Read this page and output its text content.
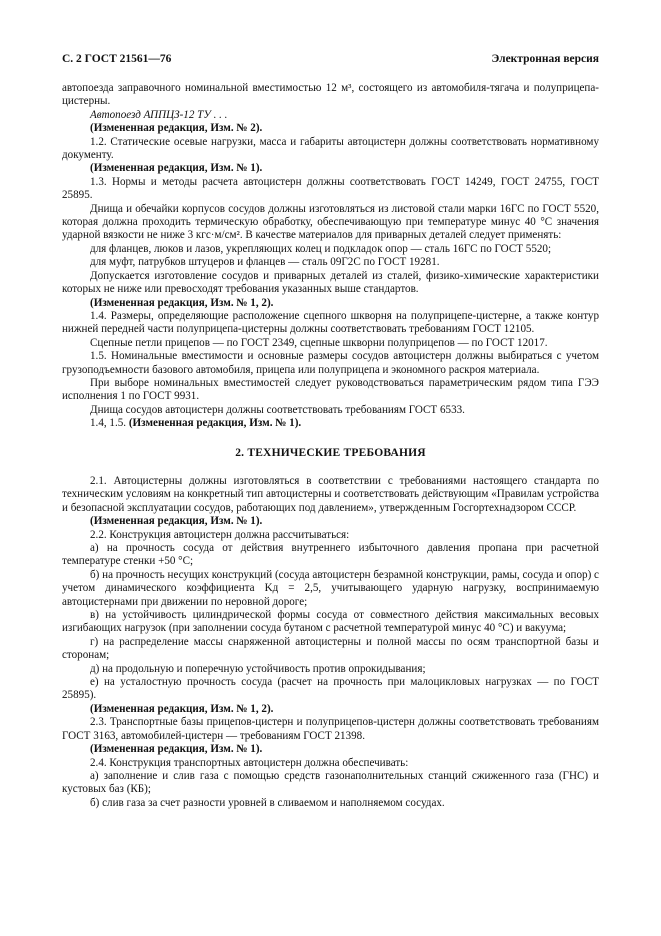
С. 2 ГОСТ 21561—76	Электронная версия

автопоезда заправочного номинальной вместимостью 12 м³, состоящего из автомобиля-тягача и полуприцепа-цистерны.

Автопоезд АППЦЗ-12 ТУ . . .

(Измененная редакция, Изм. № 2).

1.2. Статические осевые нагрузки, масса и габариты автоцистерн должны соответствовать нормативному документу.

(Измененная редакция, Изм. № 1).

1.3. Нормы и методы расчета автоцистерн должны соответствовать ГОСТ 14249, ГОСТ 24755, ГОСТ 25895.

Днища и обечайки корпусов сосудов должны изготовляться из листовой стали марки 16ГС по ГОСТ 5520, которая должна проходить термическую обработку, обеспечивающую при температуре минус 40 °С значения ударной вязкости не ниже 3 кгс·м/см². В качестве материалов для приварных деталей следует применять:

для фланцев, люков и лазов, укрепляющих колец и подкладок опор — сталь 16ГС по ГОСТ 5520;

для муфт, патрубков штуцеров и фланцев — сталь 09Г2С по ГОСТ 19281.

Допускается изготовление сосудов и приварных деталей из сталей, физико-химические характеристики которых не ниже или превосходят требования указанных выше стандартов.

(Измененная редакция, Изм. № 1, 2).

1.4. Размеры, определяющие расположение сцепного шкворня на полуприцепе-цистерне, а также контур нижней передней части полуприцепа-цистерны должны соответствовать требованиям ГОСТ 12105.

Сцепные петли прицепов — по ГОСТ 2349, сцепные шкворни полуприцепов — по ГОСТ 12017.

1.5. Номинальные вместимости и основные размеры сосудов автоцистерн должны выбираться с учетом грузоподъемности базового автомобиля, прицепа или полуприцепа и экономного раскроя материала.

При выборе номинальных вместимостей следует руководствоваться параметрическим рядом типа ГЭЭ исполнения 1 по ГОСТ 9931.

Днища сосудов автоцистерн должны соответствовать требованиям ГОСТ 6533.

1.4, 1.5. (Измененная редакция, Изм. № 1).

2. ТЕХНИЧЕСКИЕ ТРЕБОВАНИЯ

2.1. Автоцистерны должны изготовляться в соответствии с требованиями настоящего стандарта по техническим условиям на конкретный тип автоцистерны и соответствовать действующим «Правилам устройства и безопасной эксплуатации сосудов, работающих под давлением», утвержденным Госгортехнадзором СССР.

(Измененная редакция, Изм. № 1).

2.2. Конструкция автоцистерн должна рассчитываться:

а) на прочность сосуда от действия внутреннего избыточного давления пропана при расчетной температуре стенки +50 °С;

б) на прочность несущих конструкций (сосуда автоцистерн безрамной конструкции, рамы, сосуда и опор) с учетом динамического коэффициента Kд = 2,5, учитывающего ударную нагрузку, воспринимаемую автоцистернами при движении по неровной дороге;

в) на устойчивость цилиндрической формы сосуда от совместного действия максимальных весовых изгибающих нагрузок (при заполнении сосуда бутаном с расчетной температурой минус 40 °С) и вакуума;

г) на распределение массы снаряженной автоцистерны и полной массы по осям транспортной базы и сторонам;

д) на продольную и поперечную устойчивость против опрокидывания;

е) на усталостную прочность сосуда (расчет на прочность при малоцикловых нагрузках — по ГОСТ 25895).

(Измененная редакция, Изм. № 1, 2).

2.3. Транспортные базы прицепов-цистерн и полуприцепов-цистерн должны соответствовать требованиям ГОСТ 3163, автомобилей-цистерн — требованиям ГОСТ 21398.

(Измененная редакция, Изм. № 1).

2.4. Конструкция транспортных автоцистерн должна обеспечивать:

а) заполнение и слив газа с помощью средств газонаполнительных станций сжиженного газа (ГНС) и кустовых баз (КБ);

б) слив газа за счет разности уровней в сливаемом и наполняемом сосудах.
